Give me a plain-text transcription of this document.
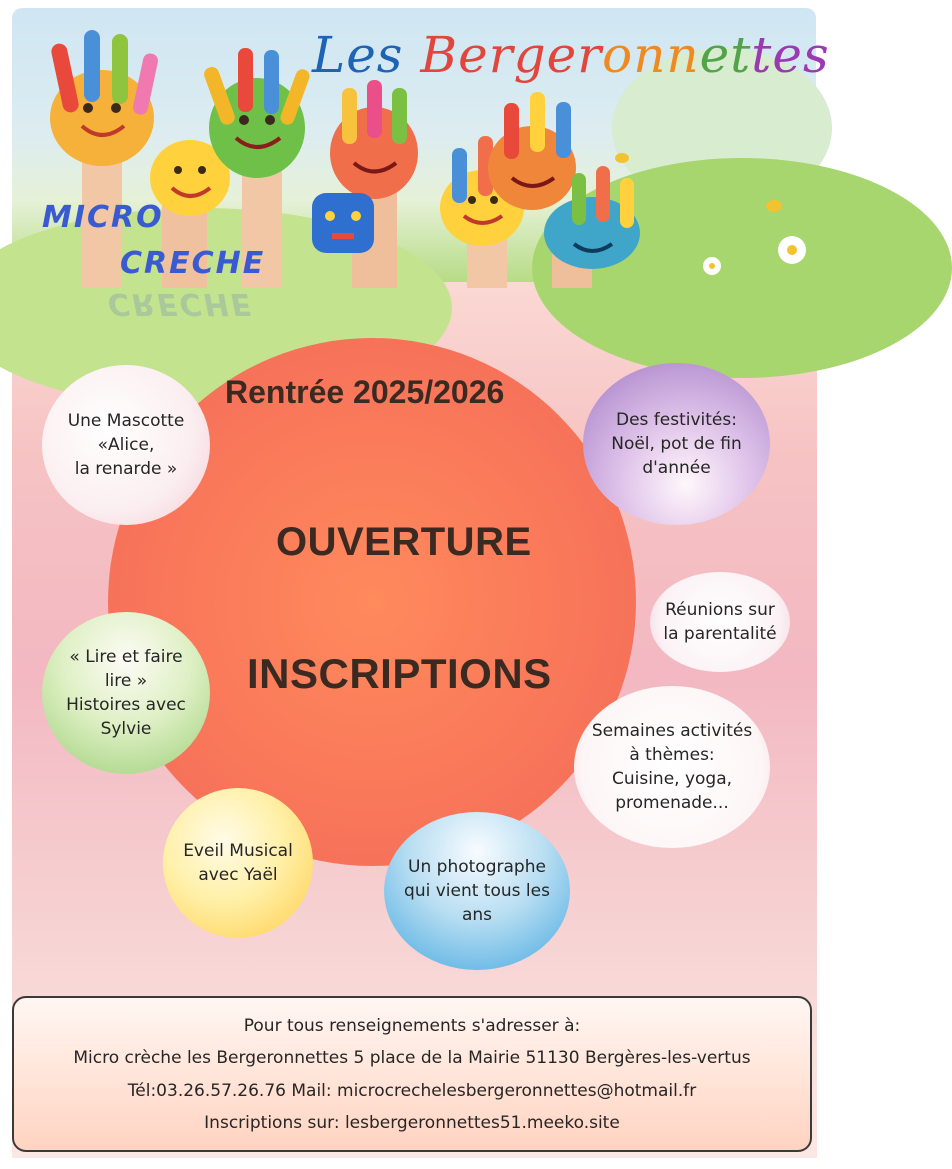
Les Bergeronnettes
MICRO
CRECHE
CRECHE
Rentrée 2025/2026
OUVERTURE
INSCRIPTIONS
Une Mascotte
«Alice,
la renarde »
Des festivités:
Noël, pot de fin
d'année
Réunions sur
la parentalité
« Lire et faire
lire »
Histoires avec
Sylvie	Semaines activités
à thèmes:
Cuisine, yoga,
promenade...
Eveil Musical
avec Yaël	Un photographe
qui vient tous les
ans
Pour tous renseignements s'adresser à:
Micro crèche les Bergeronnettes 5 place de la Mairie 51130 Bergères-les-vertus
Tél:03.26.57.26.76 Mail: microcrechelesbergeronnettes@hotmail.fr
Inscriptions sur: lesbergeronnettes51.meeko.site
